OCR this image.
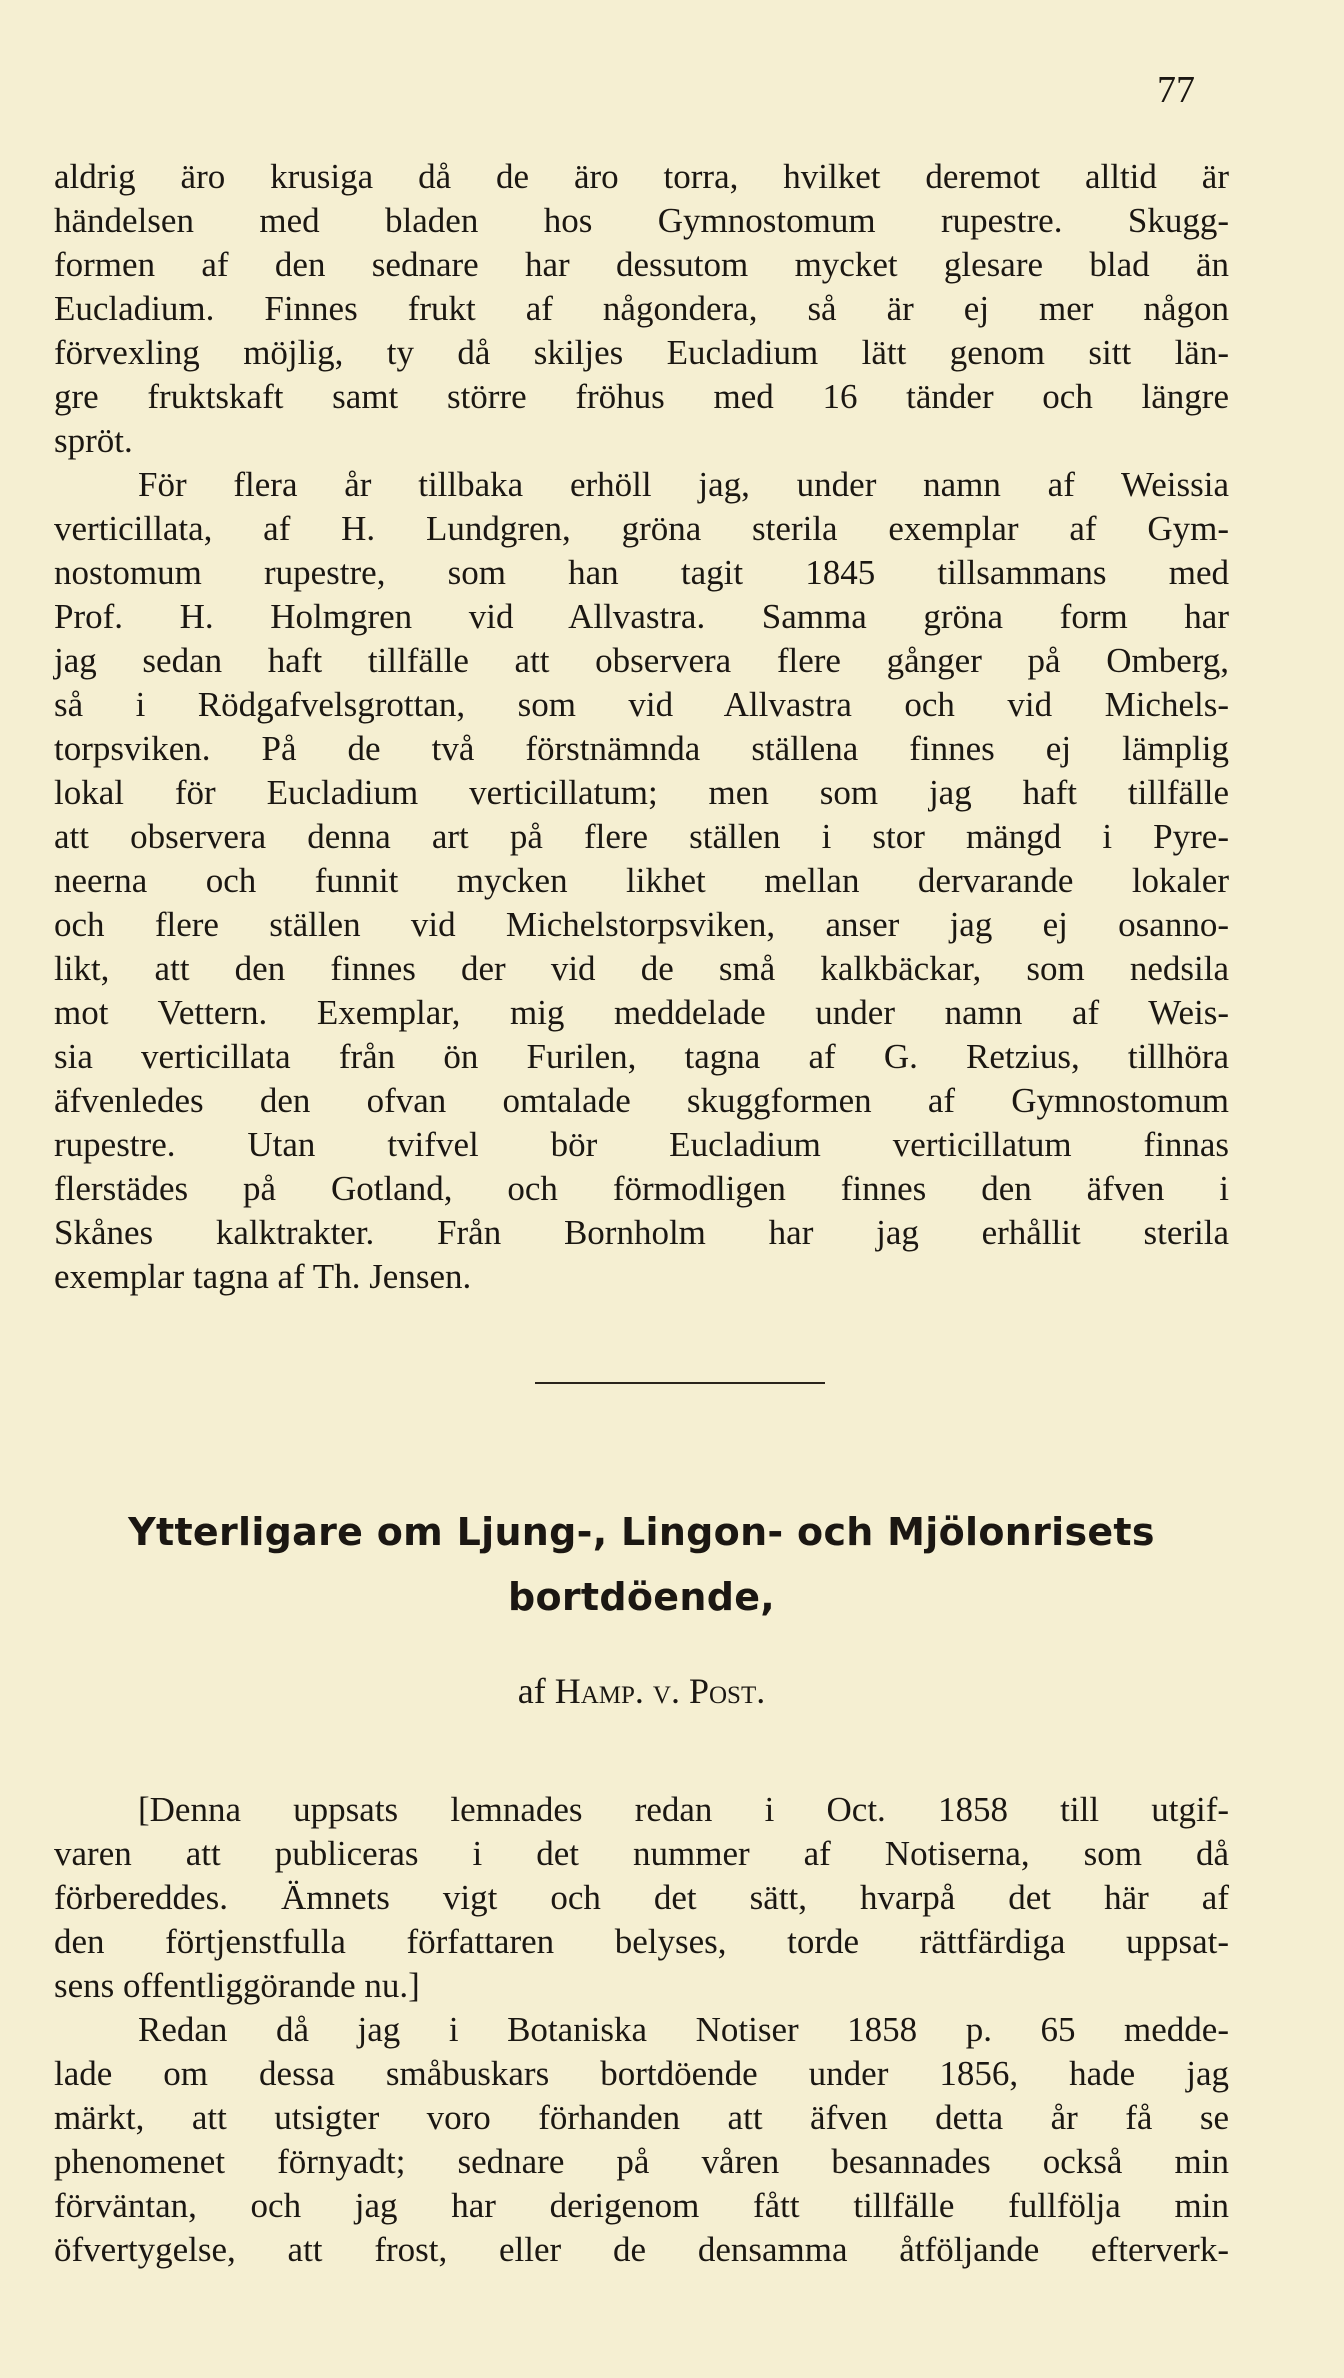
77
aldrig äro krusiga då de äro torra, hvilket deremot alltid är
händelsen med bladen hos Gymnostomum rupestre. Skugg-
formen af den sednare har dessutom mycket glesare blad än
Eucladium. Finnes frukt af någondera, så är ej mer någon
förvexling möjlig, ty då skiljes Eucladium lätt genom sitt län-
gre fruktskaft samt större fröhus med 16 tänder och längre
spröt.
För flera år tillbaka erhöll jag, under namn af Weissia
verticillata, af H. Lundgren, gröna sterila exemplar af Gym-
nostomum rupestre, som han tagit 1845 tillsammans med
Prof. H. Holmgren vid Allvastra. Samma gröna form har
jag sedan haft tillfälle att observera flere gånger på Omberg,
så i Rödgafvelsgrottan, som vid Allvastra och vid Michels-
torpsviken. På de två förstnämnda ställena finnes ej lämplig
lokal för Eucladium verticillatum; men som jag haft tillfälle
att observera denna art på flere ställen i stor mängd i Pyre-
neerna och funnit mycken likhet mellan dervarande lokaler
och flere ställen vid Michelstorpsviken, anser jag ej osanno-
likt, att den finnes der vid de små kalkbäckar, som nedsila
mot Vettern. Exemplar, mig meddelade under namn af Weis-
sia verticillata från ön Furilen, tagna af G. Retzius, tillhöra
äfvenledes den ofvan omtalade skuggformen af Gymnostomum
rupestre. Utan tvifvel bör Eucladium verticillatum finnas
flerstädes på Gotland, och förmodligen finnes den äfven i
Skånes kalktrakter. Från Bornholm har jag erhållit sterila
exemplar tagna af Th. Jensen.
Ytterligare om Ljung-, Lingon- och Mjölonrisets
bortdöende,
af Hamp. v. Post.
[Denna uppsats lemnades redan i Oct. 1858 till utgif-
varen att publiceras i det nummer af Notiserna, som då
förbereddes. Ämnets vigt och det sätt, hvarpå det här af
den förtjenstfulla författaren belyses, torde rättfärdiga uppsat-
sens offentliggörande nu.]
Redan då jag i Botaniska Notiser 1858 p. 65 medde-
lade om dessa småbuskars bortdöende under 1856, hade jag
märkt, att utsigter voro förhanden att äfven detta år få se
phenomenet förnyadt; sednare på våren besannades också min
förväntan, och jag har derigenom fått tillfälle fullfölja min
öfvertygelse, att frost, eller de densamma åtföljande efterverk-
